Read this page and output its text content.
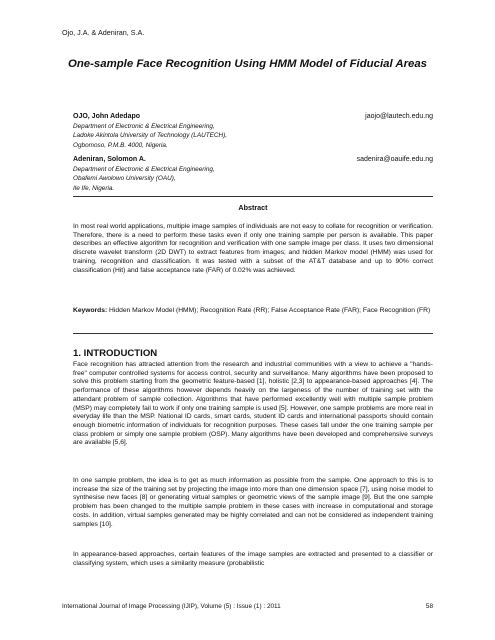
Ojo, J.A. & Adeniran, S.A.
One-sample Face Recognition Using HMM Model of Fiducial Areas
OJO, John Adedapo	jaojo@lautech.edu.ng
Department of Electronic & Electrical Engineering,
Ladoke Akintola University of Technology (LAUTECH),
Ogbomoso, P.M.B. 4000, Nigeria.
Adeniran, Solomon A.	sadenira@oauife.edu.ng
Department of Electronic & Electrical Engineering,
Obafemi Awolowo University (OAU),
Ile Ife, Nigeria.
Abstract
In most real world applications, multiple image samples of individuals are not easy to collate for recognition or verification. Therefore, there is a need to perform these tasks even if only one training sample per person is available. This paper describes an effective algorithm for recognition and verification with one sample image per class. It uses two dimensional discrete wavelet transform (2D DWT) to extract features from images; and hidden Markov model (HMM) was used for training, recognition and classification. It was tested with a subset of the AT&T database and up to 90% correct classification (Hit) and false acceptance rate (FAR) of 0.02% was achieved.
Keywords: Hidden Markov Model (HMM); Recognition Rate (RR); False Acceptance Rate (FAR); Face Recognition (FR)
1. INTRODUCTION
Face recognition has attracted attention from the research and industrial communities with a view to achieve a "hands-free" computer controlled systems for access control, security and surveillance. Many algorithms have been proposed to solve this problem starting from the geometric feature-based [1], holistic [2,3] to appearance-based approaches [4]. The performance of these algorithms however depends heavily on the largeness of the number of training set with the attendant problem of sample collection. Algorithms that have performed excellently well with multiple sample problem (MSP) may completely fail to work if only one training sample is used [5]. However, one sample problems are more real in everyday life than the MSP. National ID cards, smart cards, student ID cards and international passports should contain enough biometric information of individuals for recognition purposes. These cases fall under the one training sample per class problem or simply one sample problem (OSP). Many algorithms have been developed and comprehensive surveys are available [5,6].
In one sample problem, the idea is to get as much information as possible from the sample. One approach to this is to increase the size of the training set by projecting the image into more than one dimension space [7], using noise model to synthesise new faces [8] or generating virtual samples or geometric views of the sample image [9]. But the one sample problem has been changed to the multiple sample problem in these cases with increase in computational and storage costs. In addition, virtual samples generated may be highly correlated and can not be considered as independent training samples [10].
In appearance-based approaches, certain features of the image samples are extracted and presented to a classifier or classifying system, which uses a similarity measure (probabilistic
International Journal of Image Processing (IJIP), Volume (5) : Issue (1) : 2011	58
